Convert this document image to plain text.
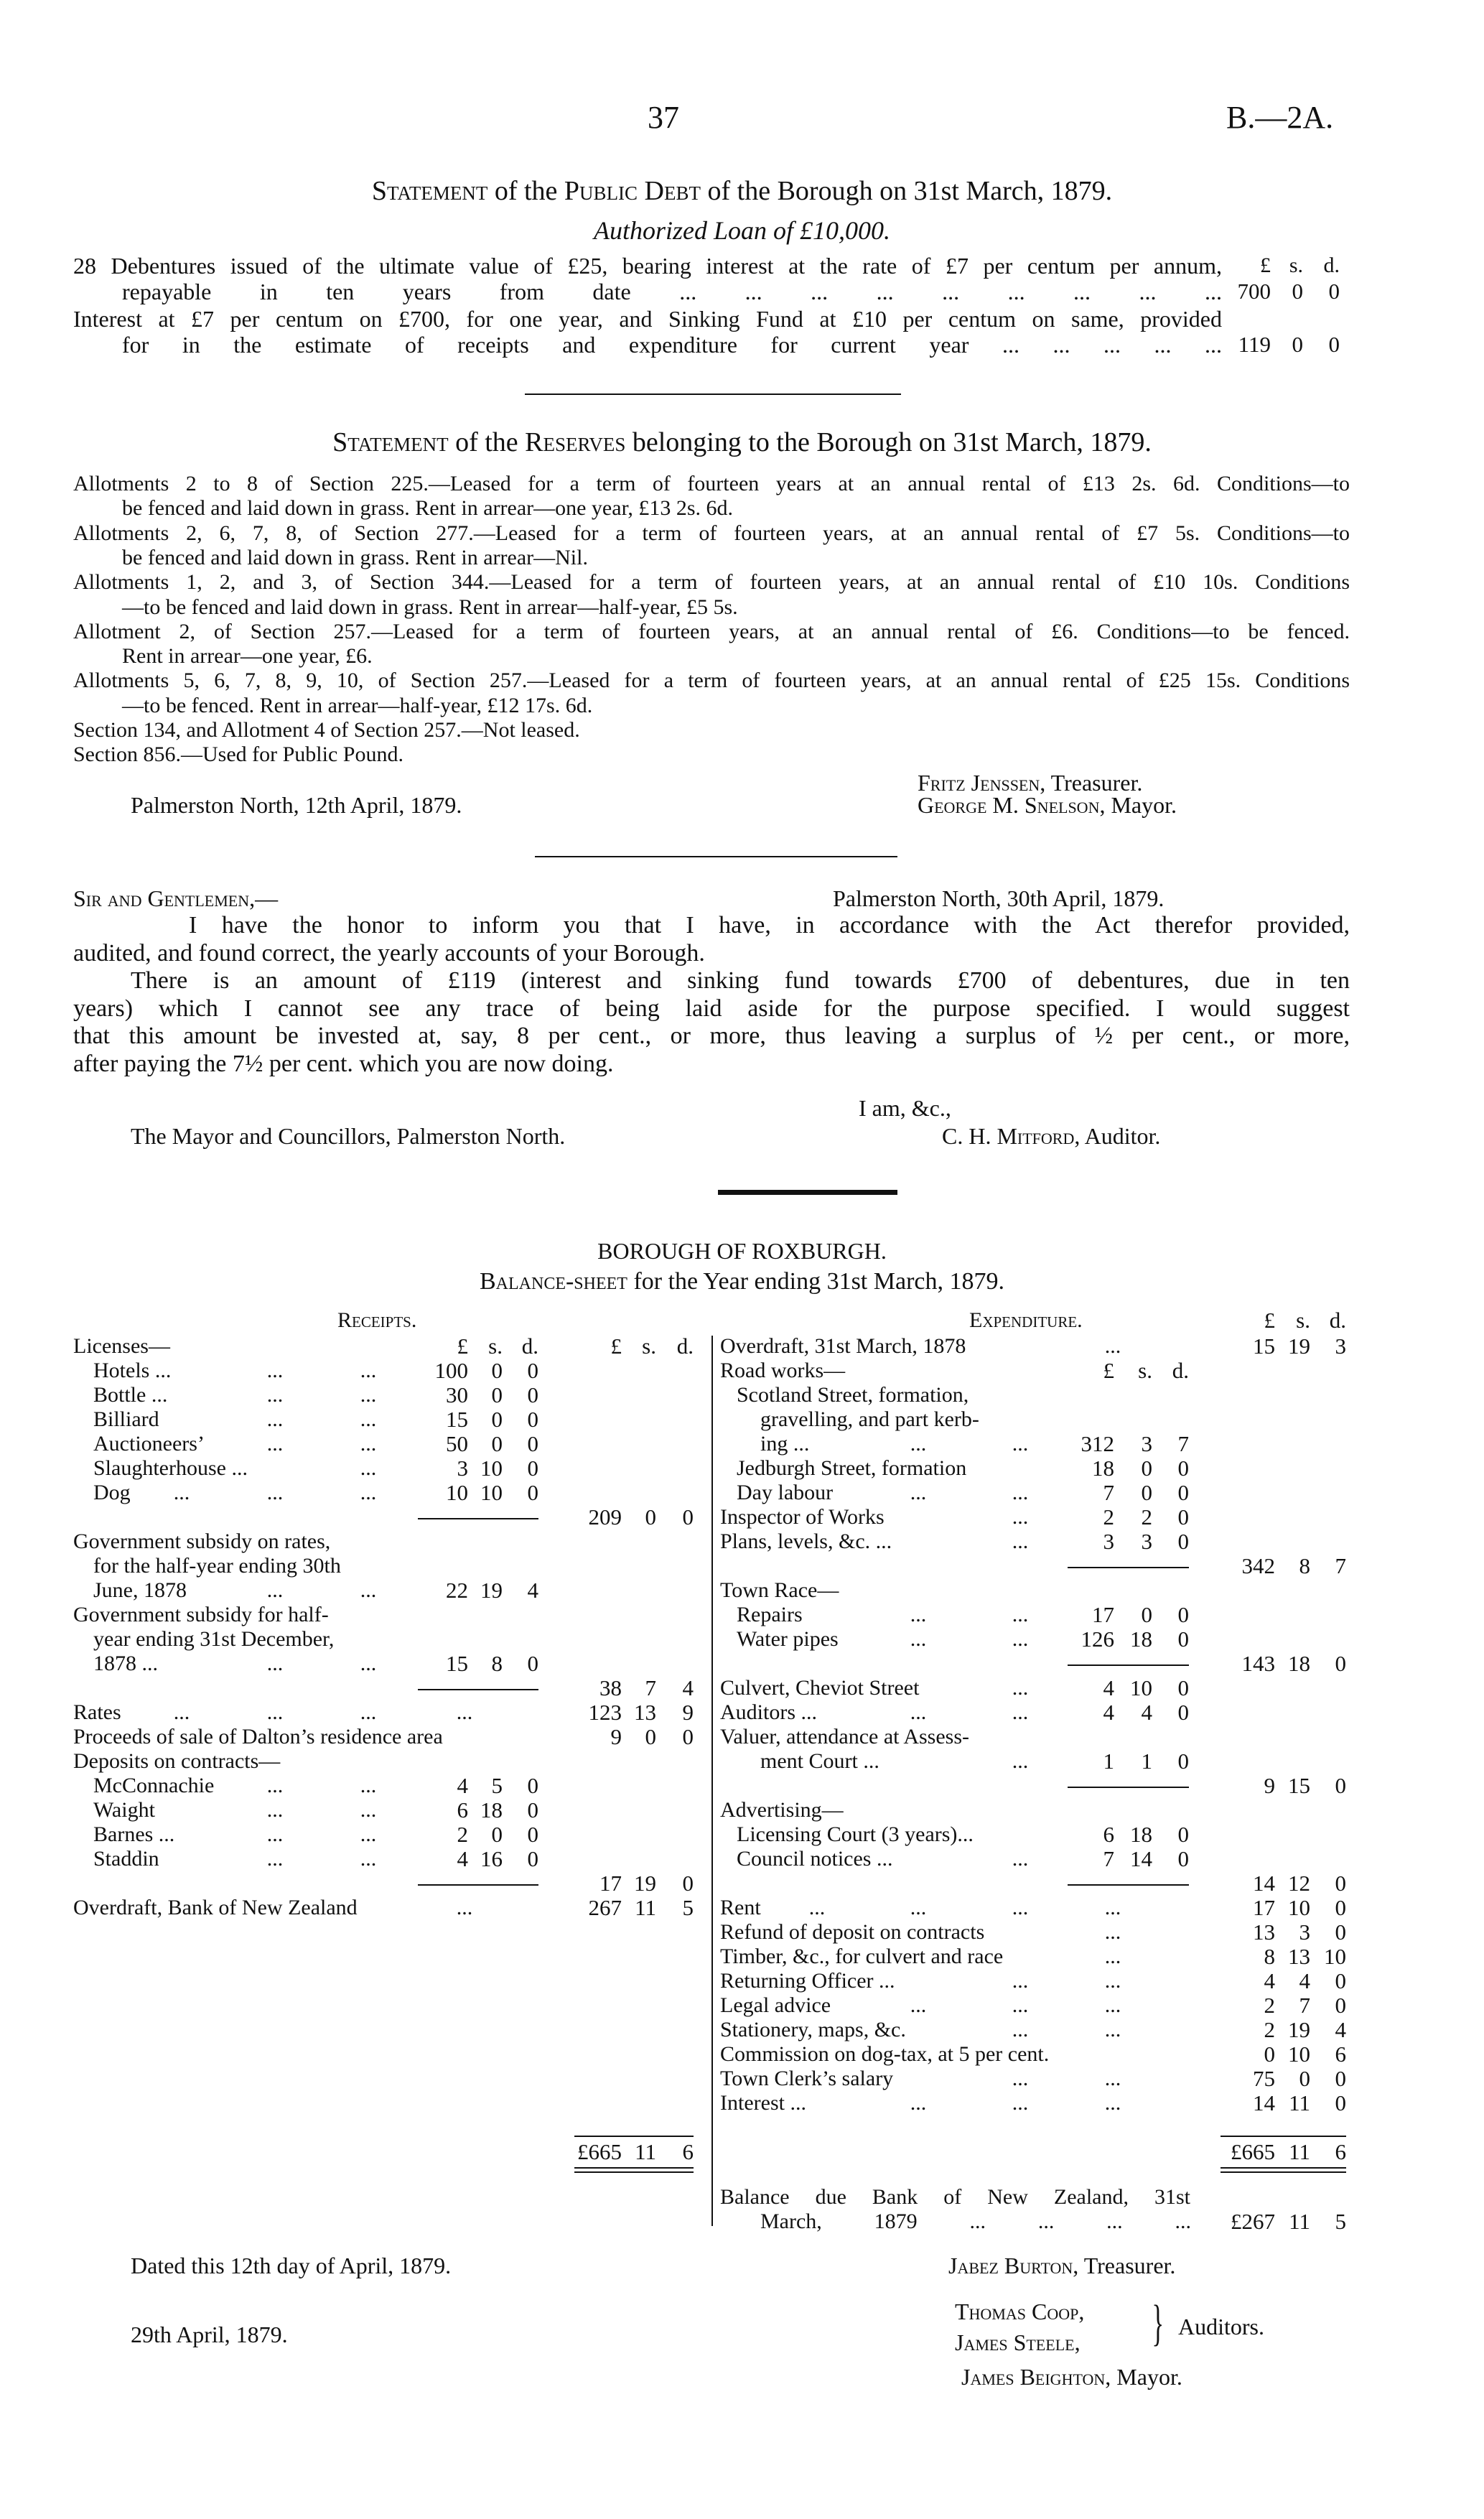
37	B.—2A.
Statement of the Public Debt of the Borough on 31st March, 1879.
Authorized Loan of £10,000.
£ s. d.
28 Debentures issued of the ultimate value of £25, bearing interest at the rate of £7 per centum per annum,
repayable in ten years from date ... ... ... ... ... ... ... ... ... 700 0	0
Interest at £7 per centum on £700, for one year, and Sinking Fund at £10 per centum on same, provided
for in the estimate of receipts and expenditure for current year ... ... ... ... ... 119 0	0
Statement of the Reserves belonging to the Borough on 31st March, 1879.
Allotments 2 to 8 of Section 225.—Leased for a term of fourteen years at an annual rental of £13 2s. 6d. Conditions—to
be fenced and laid down in grass. Rent in arrear—one year, £13 2s. 6d.
Allotments 2, 6, 7, 8, of Section 277.—Leased for a term of fourteen years, at an annual rental of £7 5s. Conditions—to
be fenced and laid down in grass. Rent in arrear—Nil.
Allotments 1, 2, and 3, of Section 344.—Leased for a term of fourteen years, at an annual rental of £10 10s. Conditions
—to be fenced and laid down in grass. Rent in arrear—half-year, £5 5s.
Allotment 2, of Section 257.—Leased for a term of fourteen years, at an annual rental of £6. Conditions—to be fenced.
Rent in arrear—one year, £6.
Allotments 5, 6, 7, 8, 9, 10, of Section 257.—Leased for a term of fourteen years, at an annual rental of £25 15s. Conditions
—to be fenced. Rent in arrear—half-year, £12 17s. 6d.
Section 134, and Allotment 4 of Section 257.—Not leased.
Section 856.—Used for Public Pound.
Fritz Jenssen, Treasurer.
Palmerston North, 12th April, 1879.	George M. Snelson, Mayor.
Sir and Gentlemen,—	Palmerston North, 30th April, 1879.
I have the honor to inform you that I have, in accordance with the Act therefor provided,
audited, and found correct, the yearly accounts of your Borough.
There is an amount of £119 (interest and sinking fund towards £700 of debentures, due in ten
years) which I cannot see any trace of being laid aside for the purpose specified. I would suggest
that this amount be invested at, say, 8 per cent., or more, thus leaving a surplus of ½ per cent., or more,
after paying the 7½ per cent. which you are now doing.
I am, &c.,
The Mayor and Councillors, Palmerston North.	C. H. Mitford, Auditor.
BOROUGH OF ROXBURGH.
Balance-sheet for the Year ending 31st March, 1879.
Receipts.	Expenditure.	£ s. d.
Licenses—	£ s. d.	£ s. d.
Hotels ...	...	...	100	0	0
Bottle ...	...	...	30	0	0
Billiard	...	...	15	0	0
Auctioneers’	...	...	50	0	0
Slaughterhouse ...	...	3 10	0
Dog ...	...	...	10 10	0
209	0	0
Government subsidy on rates,
for the half-year ending 30th
June, 1878	...	...	22 19	4
Government subsidy for half-
year ending 31st December,
1878 ...	...	...	15	8	0
38	7	4
Rates ...	...	...	...	123 13	9
Proceeds of sale of Dalton’s residence area	9	0	0
Deposits on contracts—
McConnachie ...	...	4	5	0
Waight	...	...	6 18	0
Barnes ...	...	...	2	0	0
Staddin	...	...	4 16	0
17 19	0
Overdraft, Bank of New Zealand	...	267 11	5
Overdraft, 31st March, 1878	...	15 19	3
Road works—	£	s. d.
Scotland Street, formation,
gravelling, and part kerb-
ing ...	...	...	312	3	7
Jedburgh Street, formation	18	0	0
Day labour	...	...	7	0	0
Inspector of Works	...	2	2	0
Plans, levels, &c. ...	...	3	3	0
342	8	7
Town Race—
Repairs	...	...	17	0	0
Water pipes	...	...	126 18	0
143 18	0
Culvert, Cheviot Street	...	4 10	0
Auditors ...	...	...	4	4	0
Valuer, attendance at Assess-
ment Court ...	...	1	1	0
9 15	0
Advertising—
Licensing Court (3 years)...	6 18	0
Council notices ...	...	7 14	0
14 12	0
Rent ...	...	...	...	17 10	0
Refund of deposit on contracts	...	13	3	0
Timber, &c., for culvert and race	...	8 13 10
Returning Officer ...	...	...	4	4	0
Legal advice	...	...	...	2	7	0
Stationery, maps, &c.	...	...	2 19	4
Commission on dog-tax, at 5 per cent.	0 10	6
Town Clerk’s salary	...	...	75	0	0
Interest ...	...	...	...	14 11	0
£665 11	6	£665 11	6
Balance due Bank of New Zealand, 31st
March, 1879 ... ... ... ...	£267 11	5
Dated this 12th day of April, 1879.	Jabez Burton, Treasurer.
Thomas Coop,
29th April, 1879.	James Steele, } Auditors.
James Beighton, Mayor.
